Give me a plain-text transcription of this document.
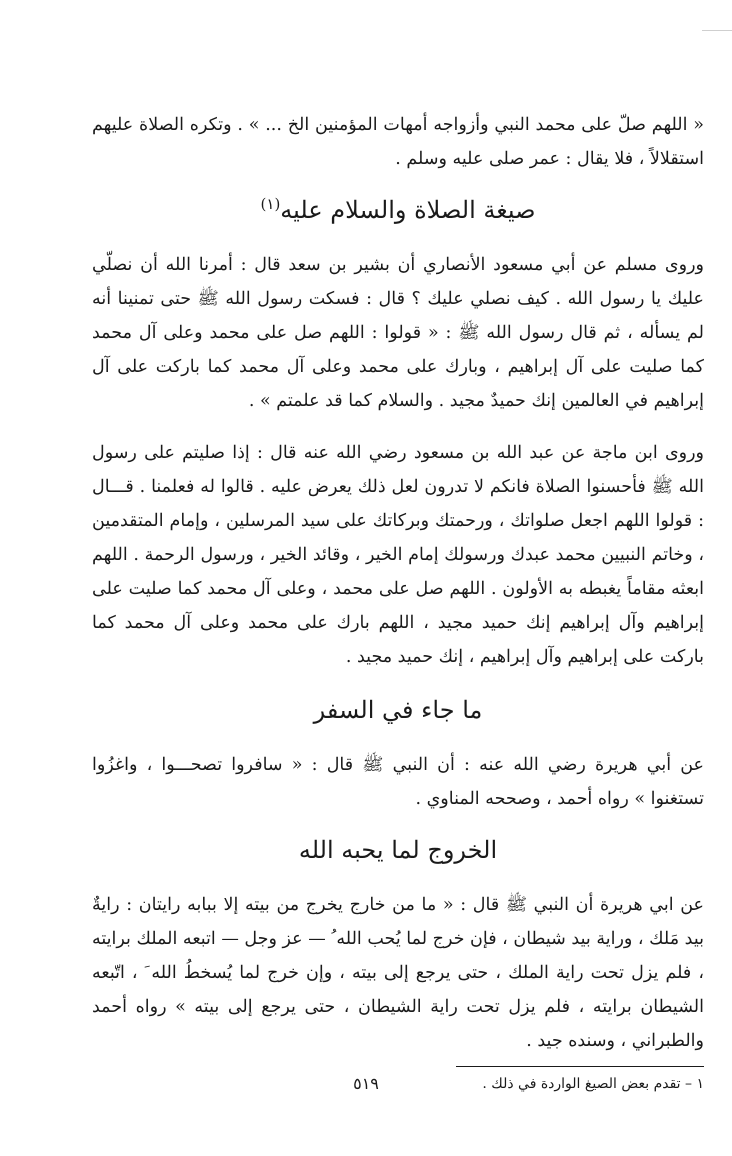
« اللهم صلّ على محمد النبي وأزواجه أمهات المؤمنين الخ ... » . وتكره الصلاة عليهم استقلالاً ، فلا يقال : عمر صلى عليه وسلم .

صيغة الصلاة والسلام عليه$^{(١)}$

وروى مسلم عن أبي مسعود الأنصاري أن بشير بن سعد قال : أمرنا الله أن نصلّي عليك يا رسول الله . كيف نصلي عليك ؟ قال : فسكت رسول الله ﷺ حتى تمنينا أنه لم يسأله ، ثم قال رسول الله ﷺ : « قولوا : اللهم صل على محمد وعلى آل محمد كما صليت على آل إبراهيم ، وبارك على محمد وعلى آل محمد كما باركت على آل إبراهيم في العالمين إنك حميدٌ مجيد . والسلام كما قد علمتم » .

وروى ابن ماجة عن عبد الله بن مسعود رضي الله عنه قال : إذا صليتم على رسول الله ﷺ فأحسنوا الصلاة فانكم لا تدرون لعل ذلك يعرض عليه . قالوا له فعلمنا . قـــال : قولوا اللهم اجعل صلواتك ، ورحمتك وبركاتك على سيد المرسلين ، وإمام المتقدمين ، وخاتم النبيين محمد عبدك ورسولك إمام الخير ، وقائد الخير ، ورسول الرحمة . اللهم ابعثه مقاماً يغبطه به الأولون . اللهم صل على محمد ، وعلى آل محمد كما صليت على إبراهيم وآل إبراهيم إنك حميد مجيد ، اللهم بارك على محمد وعلى آل محمد كما باركت على إبراهيم وآل إبراهيم ، إنك حميد مجيد .

ما جاء في السفر

عن أبي هريرة رضي الله عنه : أن النبي ﷺ قال : « سافروا تصحـــوا ، واغزُوا تستغنوا » رواه أحمد ، وصححه المناوي .

الخروج لما يحبه الله

عن ابي هريرة أن النبي ﷺ قال : « ما من خارج يخرج من بيته إلا ببابه رايتان : رايةٌ بيد مَلك ، وراية بيد شيطان ، فإن خرج لما يُحب الله ُ — عز وجل — اتبعه الملك برايته ، فلم يزل تحت راية الملك ، حتى يرجع إلى بيته ، وإن خرج لما يُسخطُ الله َ ، اتّبعه الشيطان برايته ، فلم يزل تحت راية الشيطان ، حتى يرجع إلى بيته » رواه أحمد والطبراني ، وسنده جيد .

١ – تقدم بعض الصيغ الواردة في ذلك .

٥١٩
